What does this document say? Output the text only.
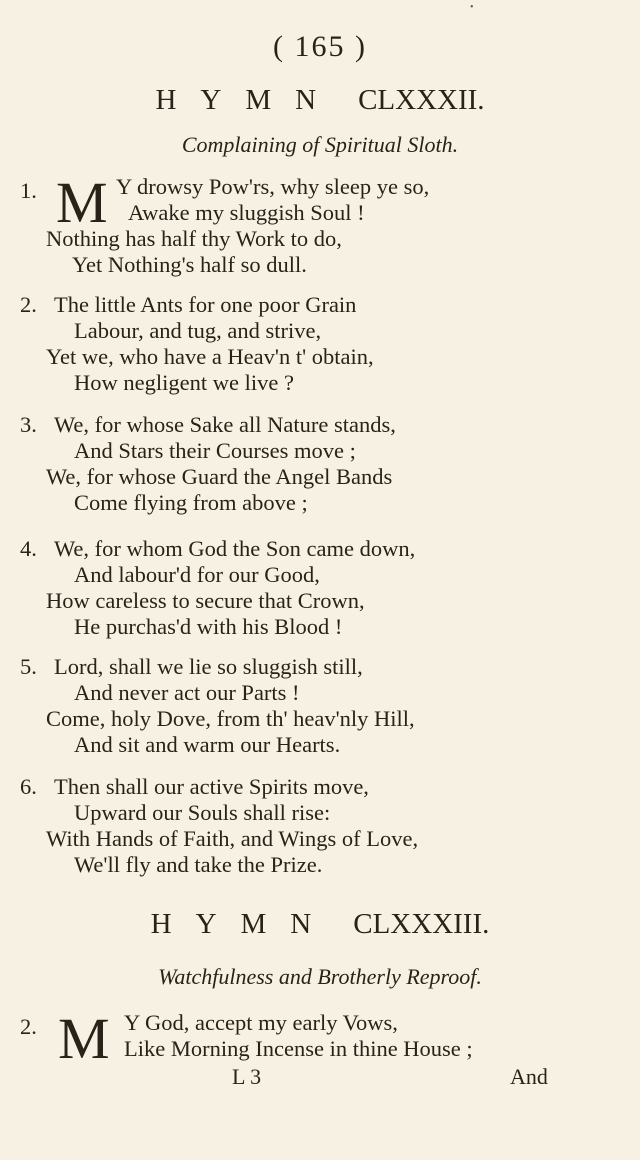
( 165 )
HYMN CLXXXII.
Complaining of Spiritual Sloth.
1. M Y drowsy Pow'rs, why sleep ye so,
Awake my sluggish Soul !
Nothing has half thy Work to do,
Yet Nothing's half so dull.
2. The little Ants for one poor Grain
Labour, and tug, and strive,
Yet we, who have a Heav'n t' obtain,
How negligent we live ?
3. We, for whose Sake all Nature stands,
And Stars their Courses move ;
We, for whose Guard the Angel Bands
Come flying from above ;
4. We, for whom God the Son came down,
And labour'd for our Good,
How careless to secure that Crown,
He purchas'd with his Blood !
5. Lord, shall we lie so sluggish still,
And never act our Parts !
Come, holy Dove, from th' heav'nly Hill,
And sit and warm our Hearts.
6. Then shall our active Spirits move,
Upward our Souls shall rise:
With Hands of Faith, and Wings of Love,
We'll fly and take the Prize.
HYMN CLXXXIII.
Watchfulness and Brotherly Reproof.
2. M Y God, accept my early Vows,
Like Morning Incense in thine House ;
L 3	And
•
